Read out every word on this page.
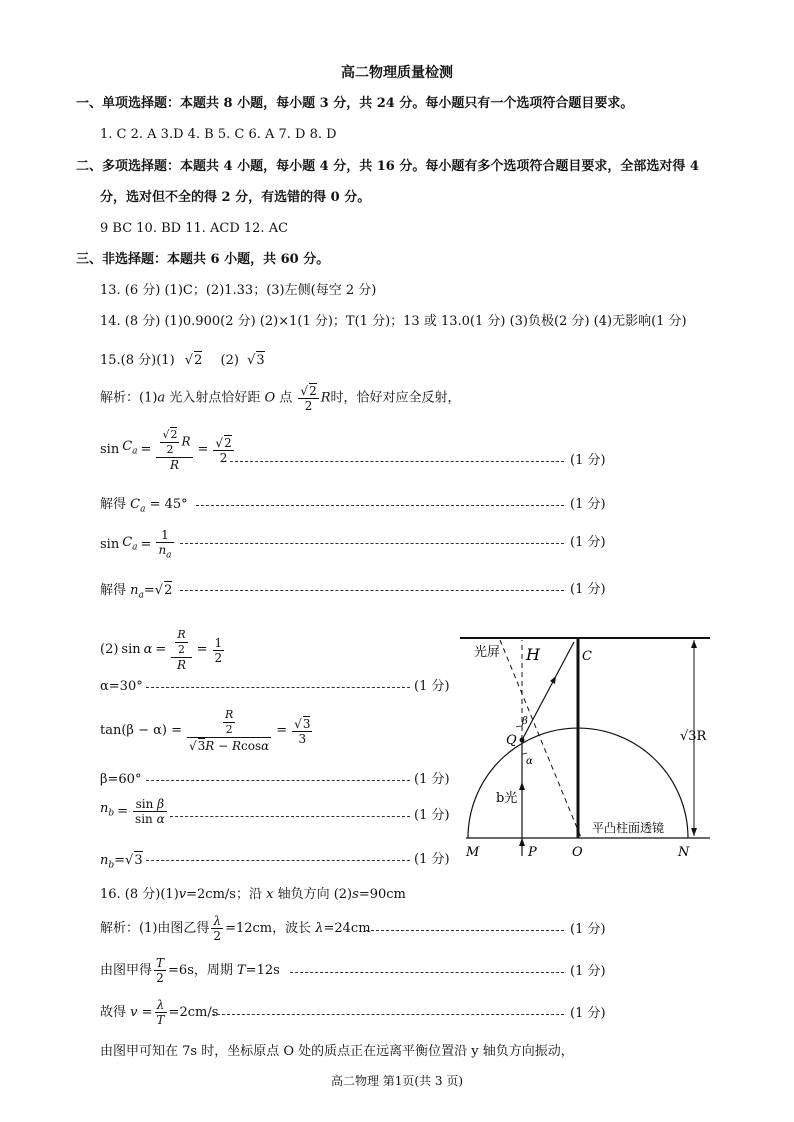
高二物理质量检测
一、单项选择题：本题共 8 小题，每小题 3 分，共 24 分。每小题只有一个选项符合题目要求。
1. C 2. A 3.D 4. B 5. C 6. A 7. D 8. D
二、多项选择题：本题共 4 小题，每小题 4 分，共 16 分。每小题有多个选项符合题目要求，全部选对得 4
分，选对但不全的得 2 分，有选错的得 0 分。
9 BC 10. BD 11. ACD 12. AC
三、非选择题：本题共 6 小题，共 60 分。
13. (6 分) (1)C；(2)1.33；(3)左侧(每空 2 分)
14. (8 分) (1)0.900(2 分) (2)×1(1 分)；T(1 分)；13 或 13.0(1 分) (3)负极(2 分) (4)无影响(1 分)
15.(8 分)(1) √2 (2) √3
解析：(1)a 光入射点恰好距 O 点 $\frac{√2}{2}$ R时，恰好对应全反射，
$\sin C_a = \frac{\frac{√2}{2} R}{R} = \frac{√2}{2}$	(1 分)
解得 $C_a = 45^\circ$	(1 分)
$\sin C_a = \frac{1}{n_a}$	(1 分)
解得 $n_a=√2$	(1 分)
(2) $\sin \alpha = \frac{\frac{R}{2}}{R} = \frac{1}{2}$
α=30°	(1 分)
$\tan(\beta - \alpha) = \frac{\frac{R}{2}}{√3R - Rcos\alpha} = \frac{√3}{3}$
β=60°	(1 分)
$n_b = \frac{\text{sin β}}{\text{sin α}}$	(1 分)
$n_b=√3$	(1 分)
光屏 H	C
Q
β
α
b光
平凸柱面透镜
M	P	O	N
√3R
16. (8 分)(1)v=2cm/s；沿 x 轴负方向 (2)s=90cm
解析：(1)由图乙得 $\frac{\lambda}{2} =12cm$，波长 λ=24cm	(1 分)
由图甲得 $\frac{T}{2} =6s$，周期 T=12s	(1 分)
故得 $v = \frac{\lambda}{T} =2cm/s$	(1 分)
由图甲可知在 7s 时，坐标原点 O 处的质点正在远离平衡位置沿 y 轴负方向振动，
高二物理 第1页(共 3 页)
